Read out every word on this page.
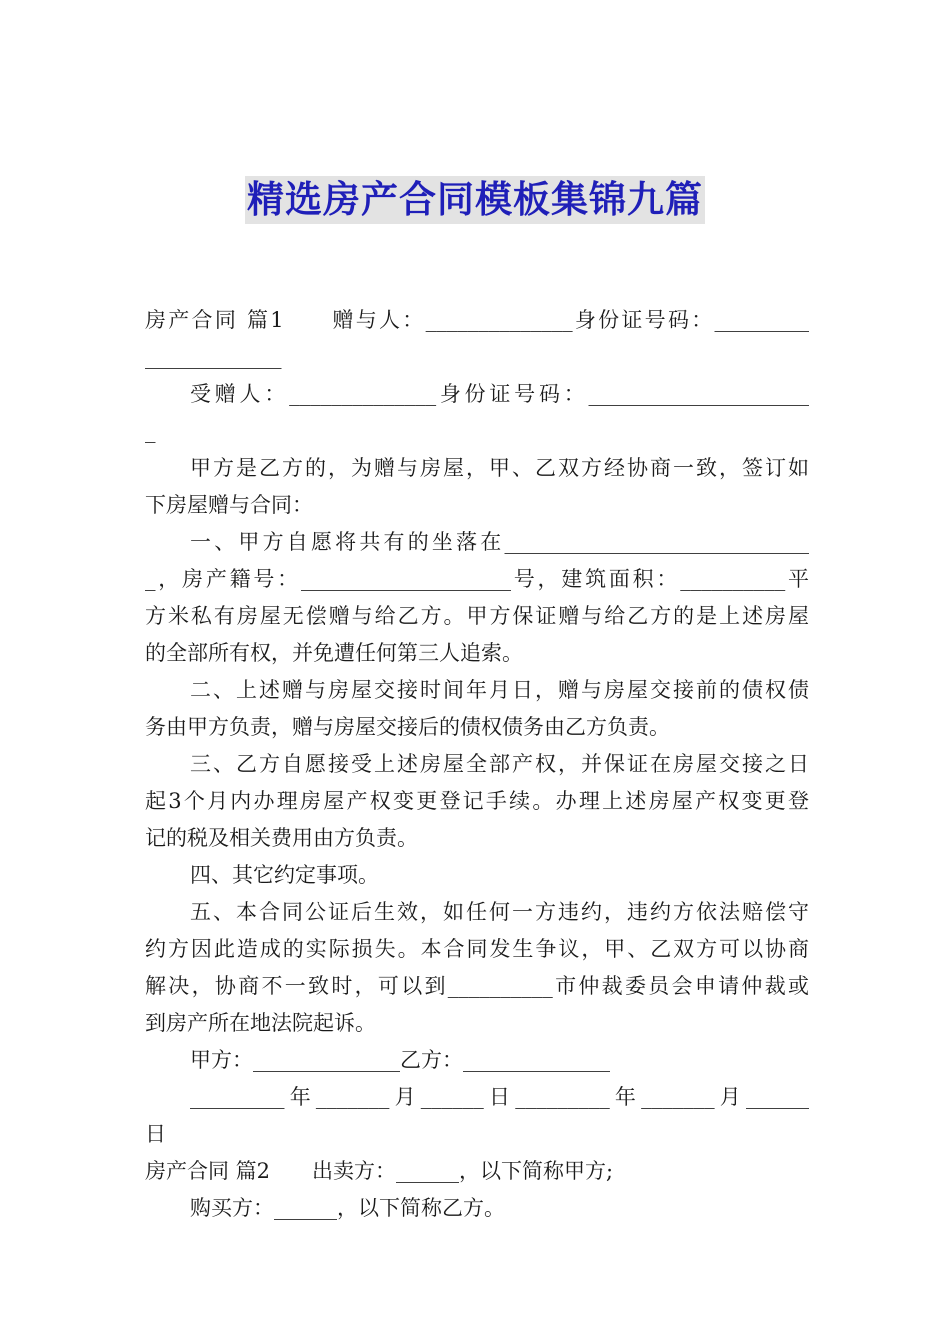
精选房产合同模板集锦九篇
房产合同 篇1　　赠与人：______________身份证号码：_________
_____________
受赠人：______________身份证号码：_____________________
_
甲方是乙方的，为赠与房屋，甲、乙双方经协商一致，签订如
下房屋赠与合同：
一、甲方自愿将共有的坐落在_____________________________
_，房产籍号：____________________号，建筑面积：__________平
方米私有房屋无偿赠与给乙方。甲方保证赠与给乙方的是上述房屋
的全部所有权，并免遭任何第三人追索。
二、上述赠与房屋交接时间年月日，赠与房屋交接前的债权债
务由甲方负责，赠与房屋交接后的债权债务由乙方负责。
三、乙方自愿接受上述房屋全部产权，并保证在房屋交接之日
起3个月内办理房屋产权变更登记手续。办理上述房屋产权变更登
记的税及相关费用由方负责。
四、其它约定事项。
五、本合同公证后生效，如任何一方违约，违约方依法赔偿守
约方因此造成的实际损失。本合同发生争议，甲、乙双方可以协商
解决，协商不一致时，可以到__________市仲裁委员会申请仲裁或
到房产所在地法院起诉。
甲方：______________乙方：______________
_________年_______月______日_________年_______月______
日
房产合同 篇2　　出卖方：______，以下简称甲方;
购买方：______，以下简称乙方。
